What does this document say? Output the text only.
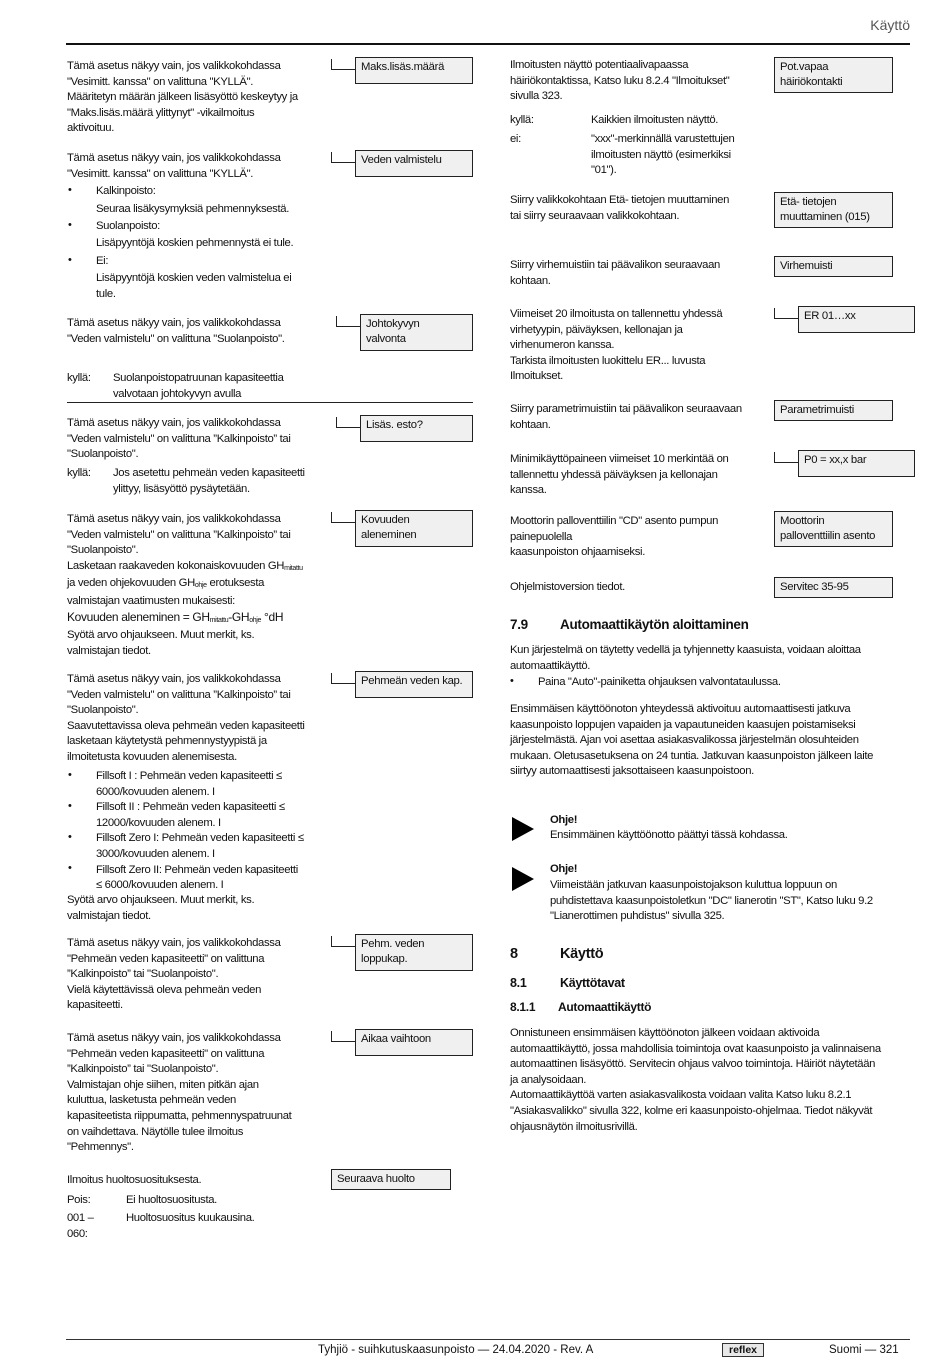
Käyttö
Tämä asetus näkyy vain, jos valikkokohdassa
"Vesimitt. kanssa" on valittuna "KYLLÄ".
Määritetyn määrän jälkeen lisäsyöttö keskeytyy ja
"Maks.lisäs.määrä ylittynyt" -vikailmoitus
aktivoituu.
Maks.lisäs.määrä
Tämä asetus näkyy vain, jos valikkokohdassa
"Vesimitt. kanssa" on valittuna "KYLLÄ".
• Kalkinpoisto:
Seuraa lisäkysymyksiä pehmennyksestä.
• Suolanpoisto:
Lisäpyyntöjä koskien pehmennystä ei tule.
• Ei:
Lisäpyyntöjä koskien veden valmistelua ei
tule.
Veden valmistelu
Tämä asetus näkyy vain, jos valikkokohdassa
"Veden valmistelu" on valittuna "Suolanpoisto".
Johtokyvyn
valvonta
kyllä: Suolanpoistopatruunan kapasiteettia
valvotaan johtokyvyn avulla
Tämä asetus näkyy vain, jos valikkokohdassa
"Veden valmistelu" on valittuna ”Kalkinpoisto” tai
"Suolanpoisto".
kyllä: Jos asetettu pehmeän veden kapasiteetti
ylittyy, lisäsyöttö pysäytetään.
Lisäs. esto?
Tämä asetus näkyy vain, jos valikkokohdassa
"Veden valmistelu" on valittuna ”Kalkinpoisto” tai
"Suolanpoisto".
Lasketaan raakaveden kokonaiskovuuden $GH_{mitattu}$
ja veden ohjekovuuden $GH_{ohje}$ erotuksesta
valmistajan vaatimusten mukaisesti:
Kovuuden aleneminen = $GH_{mitattu}-GH_{ohje}$ °dH
Syötä arvo ohjaukseen. Muut merkit, ks.
valmistajan tiedot.
Kovuuden
aleneminen
Tämä asetus näkyy vain, jos valikkokohdassa
"Veden valmistelu" on valittuna ”Kalkinpoisto” tai
"Suolanpoisto".
Saavutettavissa oleva pehmeän veden kapasiteetti
lasketaan käytetystä pehmennystyypistä ja
ilmoitetusta kovuuden alenemisesta.
•
•
•
•
Fillsoft I : Pehmeän veden kapasiteetti ≤
6000/kovuuden alenem. I
Fillsoft II : Pehmeän veden kapasiteetti ≤
12000/kovuuden alenem. I
Fillsoft Zero I: Pehmeän veden kapasiteetti ≤
3000/kovuuden alenem. I
Fillsoft Zero II: Pehmeän veden kapasiteetti
≤ 6000/kovuuden alenem. I
Syötä arvo ohjaukseen. Muut merkit, ks.
valmistajan tiedot.
Pehmeän veden kap.
Tämä asetus näkyy vain, jos valikkokohdassa
"Pehmeän veden kapasiteetti" on valittuna
”Kalkinpoisto” tai "Suolanpoisto".
Vielä käytettävissä oleva pehmeän veden
kapasiteetti.
Pehm. veden
loppukap.
Tämä asetus näkyy vain, jos valikkokohdassa
"Pehmeän veden kapasiteetti" on valittuna
”Kalkinpoisto” tai "Suolanpoisto".
Valmistajan ohje siihen, miten pitkän ajan
kuluttua, lasketusta pehmeän veden
kapasiteetista riippumatta, pehmennyspatruunat
on vaihdettava. Näytölle tulee ilmoitus
"Pehmennys".
Aikaa vaihtoon
Ilmoitus huoltosuosituksesta.	Seuraava huolto
Pois:	Ei huoltosuositusta.
001 –
060:
Huoltosuositus kuukausina.
Ilmoitusten näyttö potentiaalivapaassa
häiriökontaktissa, Katso luku 8.2.4 "Ilmoitukset"
sivulla 323.
Pot.vapaa
häiriökontakti
kyllä:	Kaikkien ilmoitusten näyttö.
ei:	"xxx"-merkinnällä varustettujen
ilmoitusten näyttö (esimerkiksi
"01").
Siirry valikkokohtaan Etä- tietojen muuttaminen
tai siirry seuraavaan valikkokohtaan.
Etä- tietojen
muuttaminen (015)
Siirry virhemuistiin tai päävalikon seuraavaan
kohtaan.
Virhemuisti
Viimeiset 20 ilmoitusta on tallennettu yhdessä
virhetyypin, päiväyksen, kellonajan ja
virhenumeron kanssa.
Tarkista ilmoitusten luokittelu ER... luvusta
Ilmoitukset.
ER 01…xx
Siirry parametrimuistiin tai päävalikon seuraavaan
kohtaan.
Parametrimuisti
Minimikäyttöpaineen viimeiset 10 merkintää on
tallennettu yhdessä päiväyksen ja kellonajan
kanssa.
P0 = xx,x bar
Moottorin palloventtiilin "CD" asento pumpun
painepuolella
kaasunpoiston ohjaamiseksi.
Moottorin
palloventtiilin asento
Ohjelmistoversion tiedot.	Servitec 35-95
7.9 Automaattikäytön aloittaminen
Kun järjestelmä on täytetty vedellä ja tyhjennetty kaasuista, voidaan aloittaa
automaattikäyttö.
• Paina "Auto"-painiketta ohjauksen valvontataulussa.
Ensimmäisen käyttöönoton yhteydessä aktivoituu automaattisesti jatkuva
kaasunpoisto loppujen vapaiden ja vapautuneiden kaasujen poistamiseksi
järjestelmästä. Ajan voi asettaa asiakasvalikossa järjestelmän olosuhteiden
mukaan. Oletusasetuksena on 24 tuntia. Jatkuvan kaasunpoiston jälkeen laite
siirtyy automaattisesti jaksottaiseen kaasunpoistoon.
Ohje!
Ensimmäinen käyttöönotto päättyi tässä kohdassa.
Ohje!
Viimeistään jatkuvan kaasunpoistojakson kuluttua loppuun on
puhdistettava kaasunpoistoletkun "DC" lianerotin "ST", Katso luku 9.2
"Lianerottimen puhdistus" sivulla 325.
8	Käyttö
8.1	Käyttötavat
8.1.1 Automaattikäyttö
Onnistuneen ensimmäisen käyttöönoton jälkeen voidaan aktivoida
automaattikäyttö, jossa mahdollisia toimintoja ovat kaasunpoisto ja valinnaisena
automaattinen lisäsyöttö. Servitecin ohjaus valvoo toimintoja. Häiriöt näytetään
ja analysoidaan.
Automaattikäyttöä varten asiakasvalikosta voidaan valita Katso luku 8.2.1
"Asiakasvalikko" sivulla 322, kolme eri kaasunpoisto-ohjelmaa. Tiedot näkyvät
ohjausnäytön ilmoitusrivillä.
Tyhjiö - suihkutuskaasunpoisto — 24.04.2020 - Rev. A	reflex	Suomi — 321
